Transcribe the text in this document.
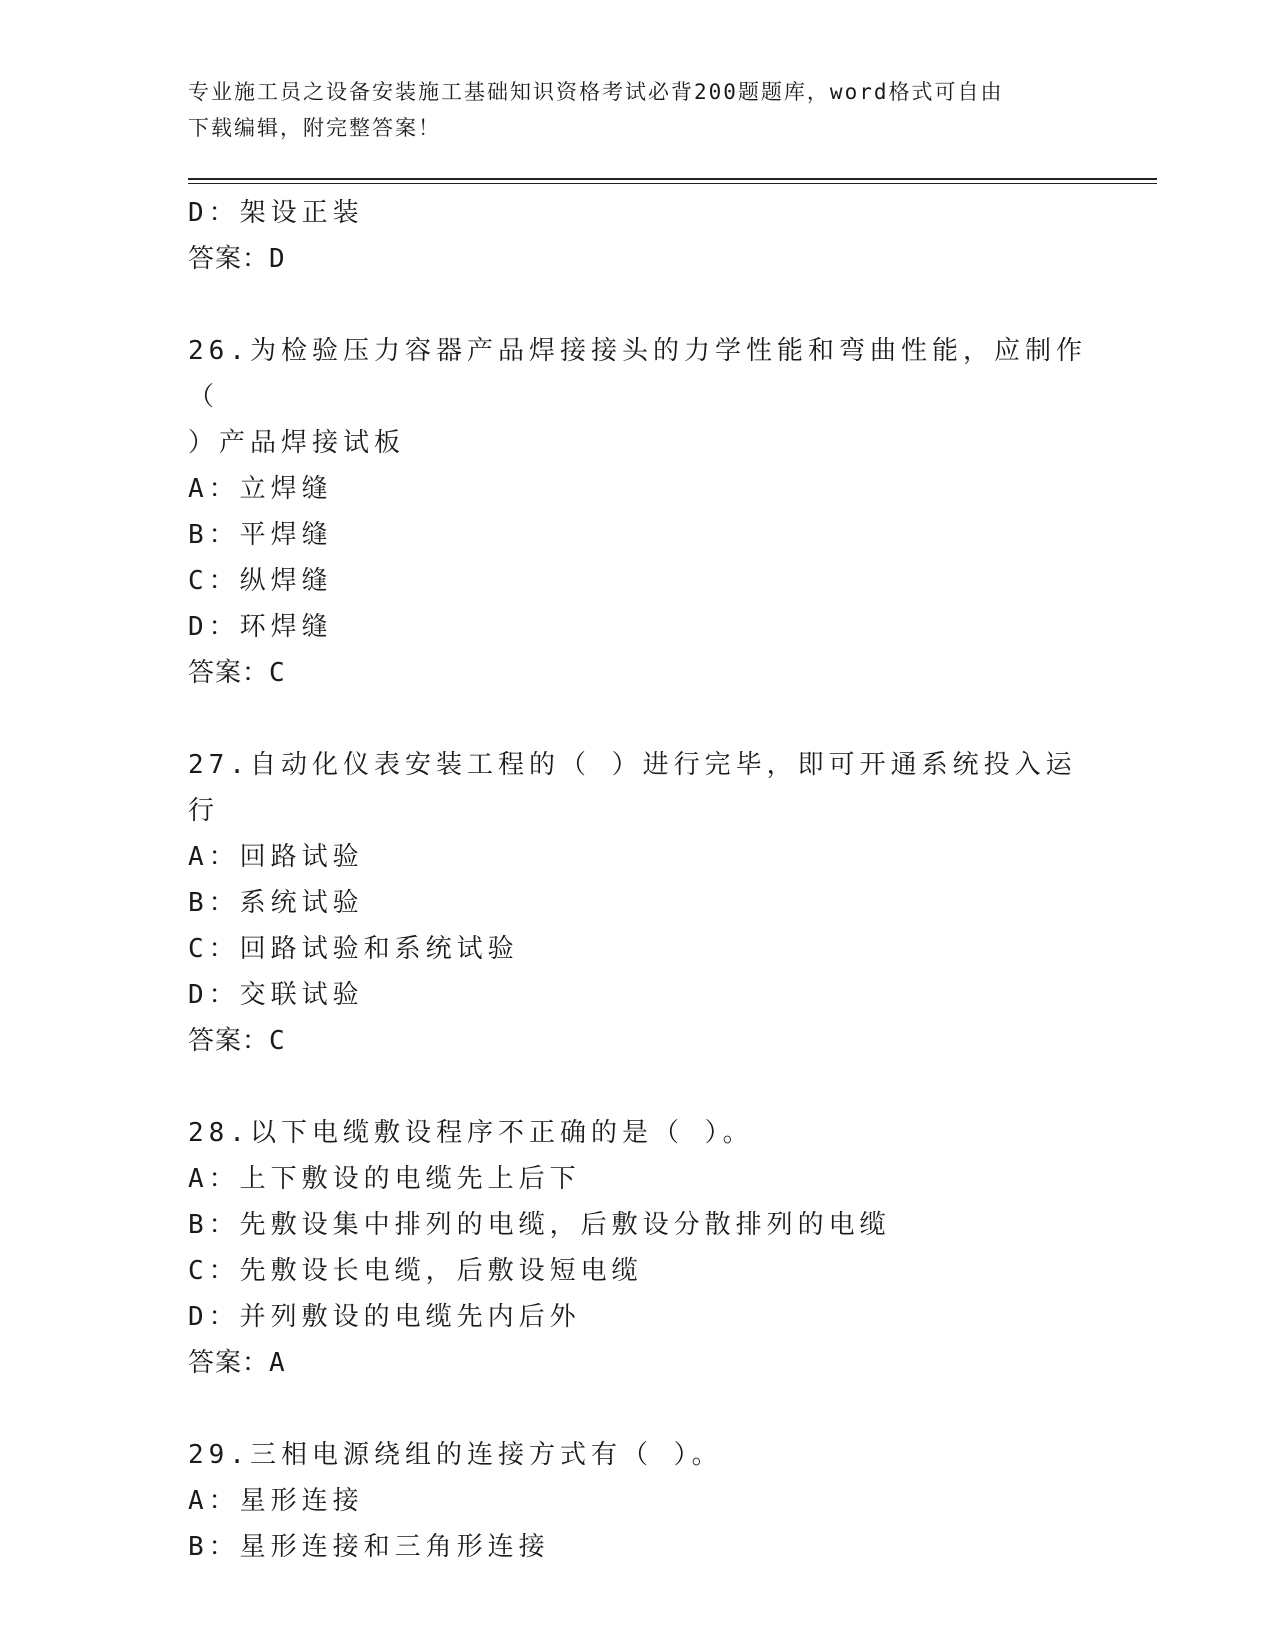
专业施工员之设备安装施工基础知识资格考试必背200题题库，word格式可自由
下载编辑，附完整答案！
D：架设正装
答案：D
26.为检验压力容器产品焊接接头的力学性能和弯曲性能，应制作（
）产品焊接试板
A：立焊缝
B：平焊缝
C：纵焊缝
D：环焊缝
答案：C
27.自动化仪表安装工程的（ ）进行完毕，即可开通系统投入运行
A：回路试验
B：系统试验
C：回路试验和系统试验
D：交联试验
答案：C
28.以下电缆敷设程序不正确的是（ ）。
A：上下敷设的电缆先上后下
B：先敷设集中排列的电缆，后敷设分散排列的电缆
C：先敷设长电缆，后敷设短电缆
D：并列敷设的电缆先内后外
答案：A
29.三相电源绕组的连接方式有（ ）。
A：星形连接
B：星形连接和三角形连接
